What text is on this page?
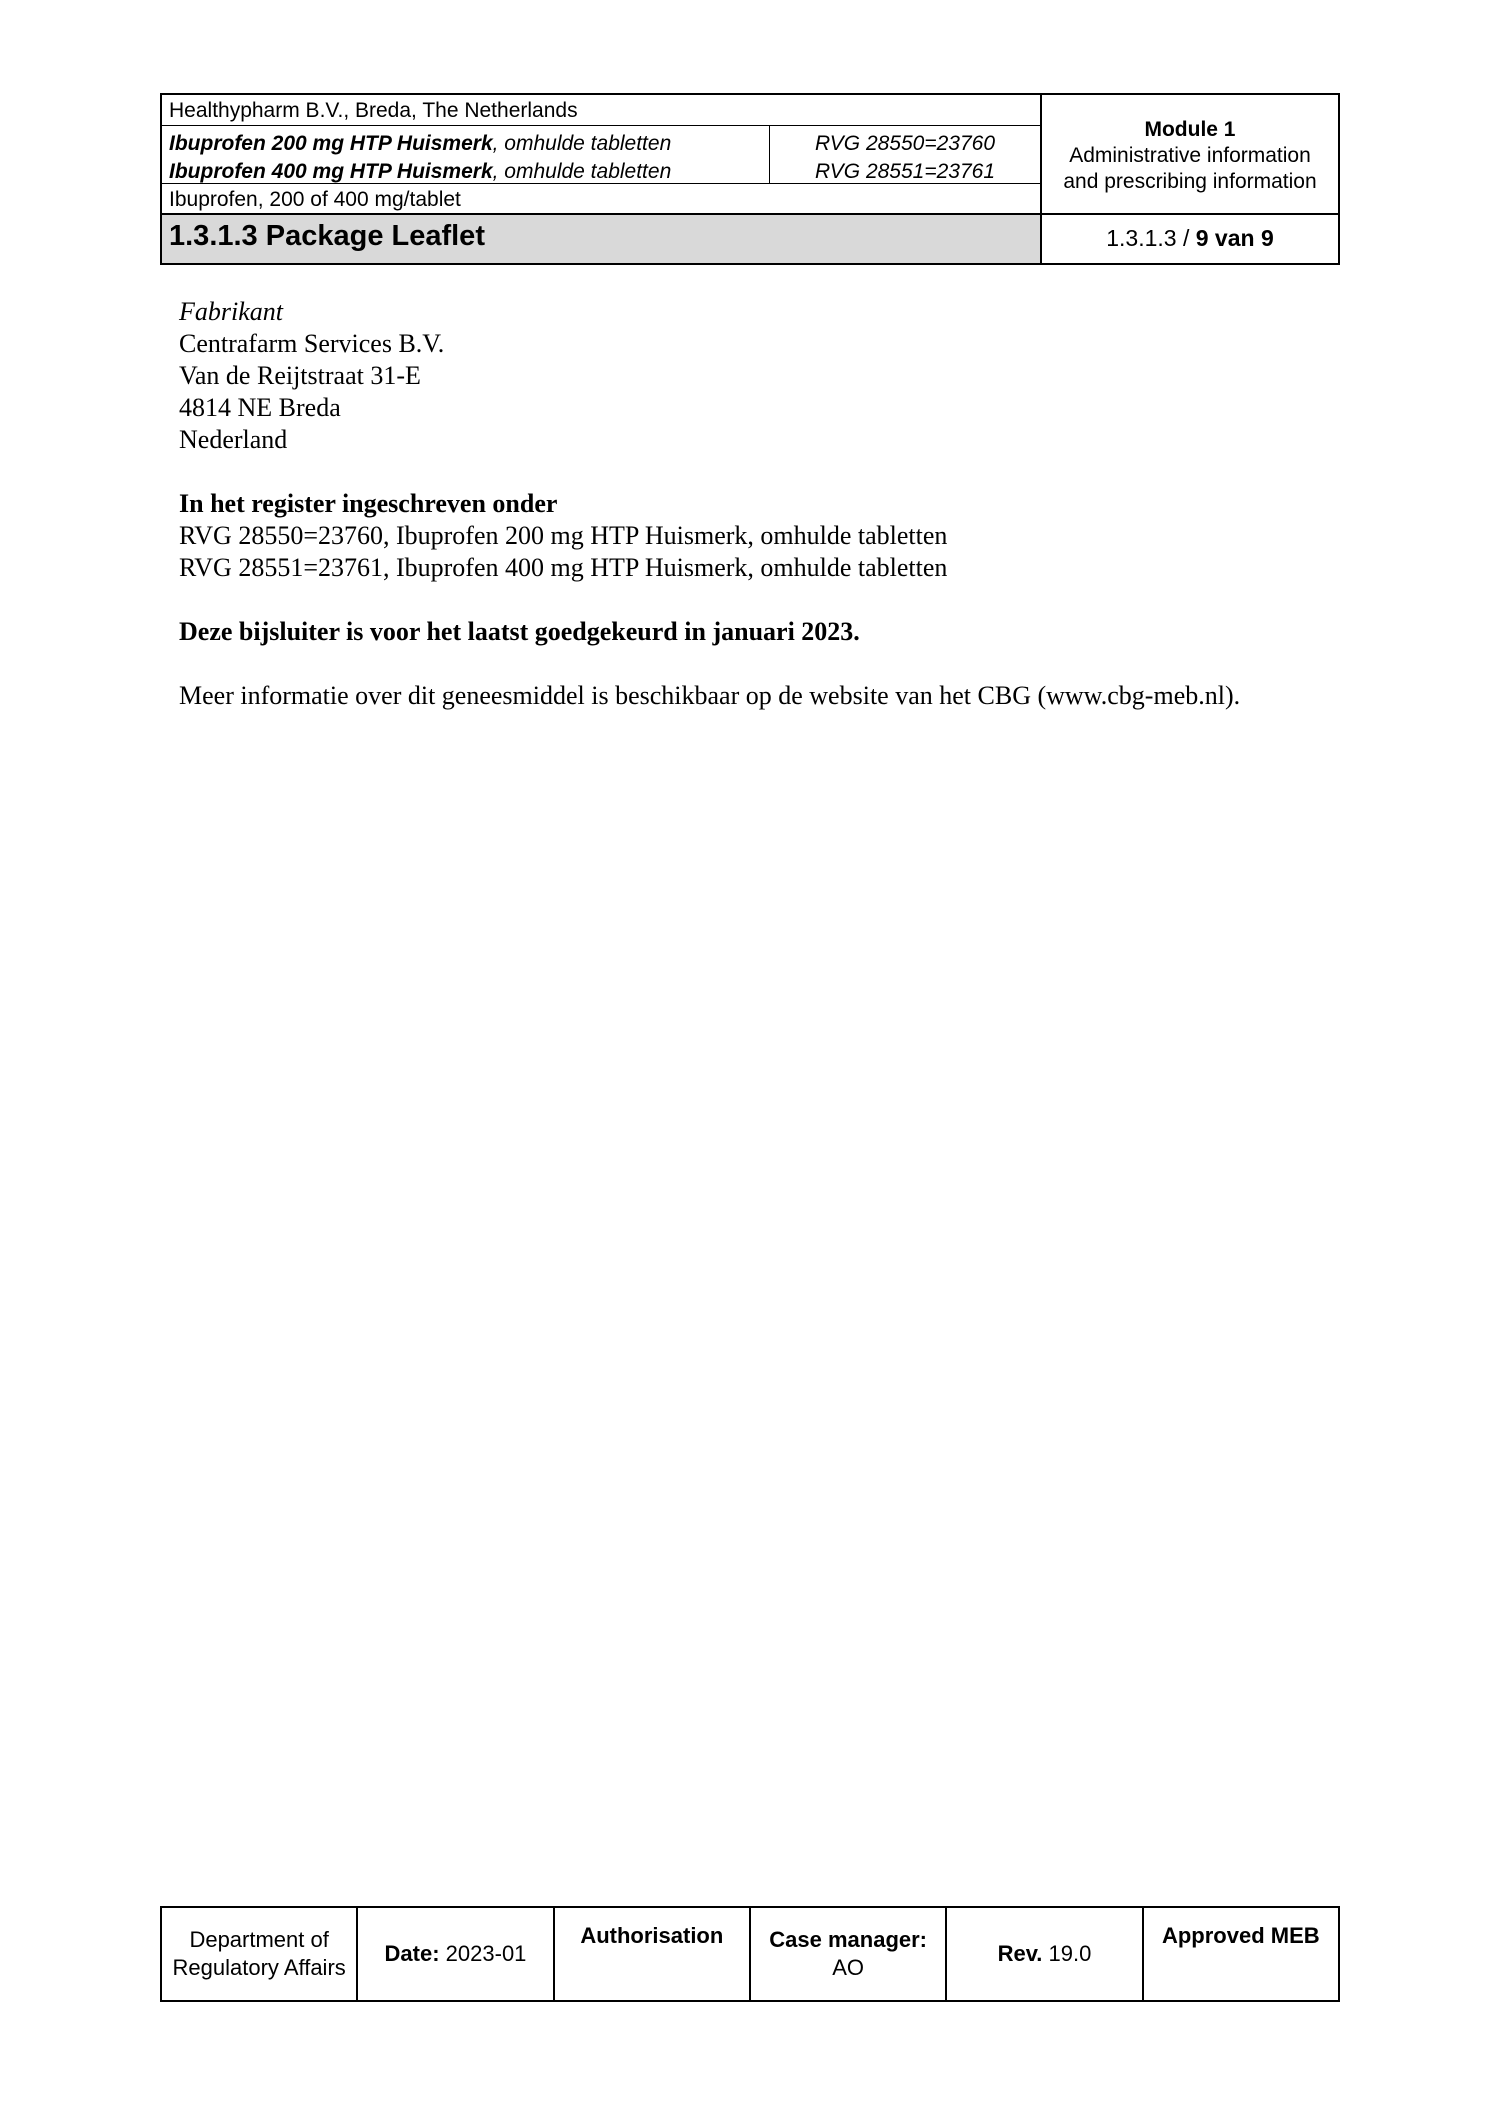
Healthypharm B.V., Breda, The Netherlands
Ibuprofen 200 mg HTP Huismerk, omhulde tabletten
Ibuprofen 400 mg HTP Huismerk, omhulde tabletten
RVG 28550=23760
RVG 28551=23761
Ibuprofen, 200 of 400 mg/tablet
Module 1
Administrative information
and prescribing information
1.3.1.3 Package Leaflet	1.3.1.3 / 9 van 9

Fabrikant

Centrafarm Services B.V.

Van de Reijtstraat 31-E

4814 NE Breda

Nederland

In het register ingeschreven onder

RVG 28550=23760, Ibuprofen 200 mg HTP Huismerk, omhulde tabletten

RVG 28551=23761, Ibuprofen 400 mg HTP Huismerk, omhulde tabletten

Deze bijsluiter is voor het laatst goedgekeurd in januari 2023.

Meer informatie over dit geneesmiddel is beschikbaar op de website van het CBG (www.cbg-meb.nl).

Department of
Regulatory Affairs
Date: 2023-01
Authorisation	Case manager:
AO
Rev. 19.0
Approved MEB
